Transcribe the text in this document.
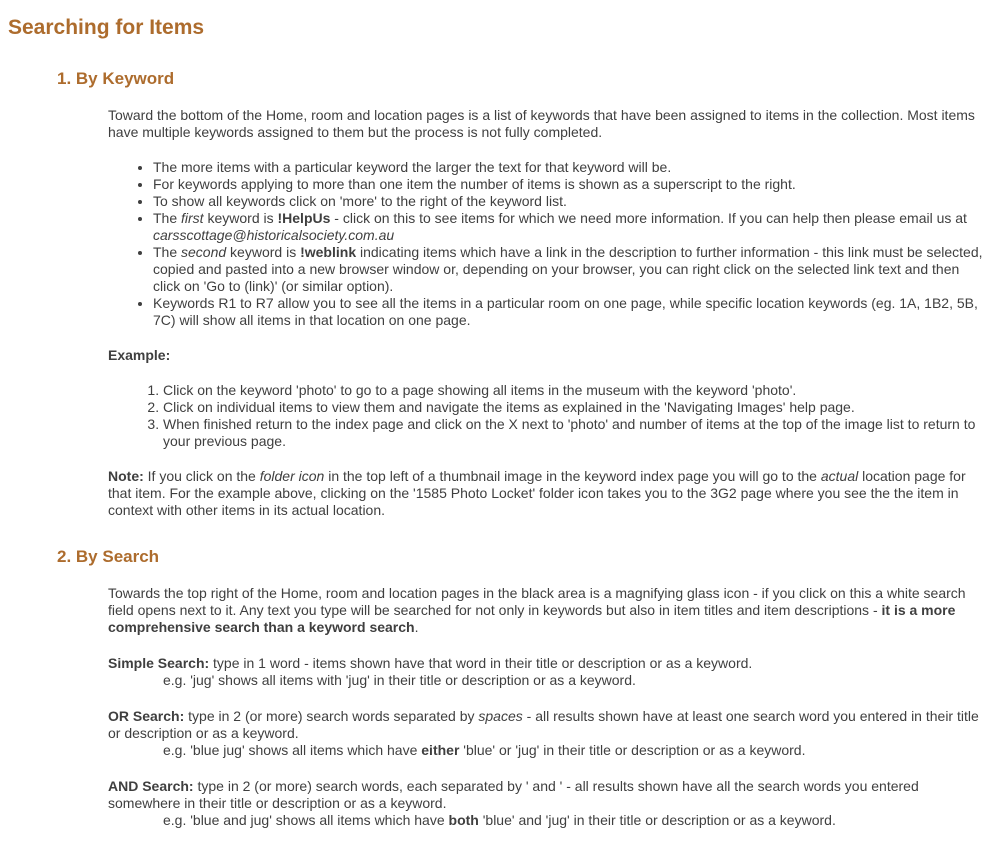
Searching for Items
1. By Keyword

Toward the bottom of the Home, room and location pages is a list of keywords that have been assigned to items in the collection. Most items have multiple keywords assigned to them but the process is not fully completed.

• The more items with a particular keyword the larger the text for that keyword will be.
• For keywords applying to more than one item the number of items is shown as a superscript to the right.
• To show all keywords click on 'more' to the right of the keyword list.
• The first keyword is !HelpUs - click on this to see items for which we need more information. If you can help then please email us at carsscottage@historicalsociety.com.au
• The second keyword is !weblink indicating items which have a link in the description to further information - this link must be selected, copied and pasted into a new browser window or, depending on your browser, you can right click on the selected link text and then click on 'Go to (link)' (or similar option).
• Keywords R1 to R7 allow you to see all the items in a particular room on one page, while specific location keywords (eg. 1A, 1B2, 5B, 7C) will show all items in that location on one page.

Example:

1. Click on the keyword 'photo' to go to a page showing all items in the museum with the keyword 'photo'.
2. Click on individual items to view them and navigate the items as explained in the 'Navigating Images' help page.
3. When finished return to the index page and click on the X next to 'photo' and number of items at the top of the image list to return to your previous page.

Note: If you click on the folder icon in the top left of a thumbnail image in the keyword index page you will go to the actual location page for that item. For the example above, clicking on the '1585 Photo Locket' folder icon takes you to the 3G2 page where you see the the item in context with other items in its actual location.

2. By Search

Towards the top right of the Home, room and location pages in the black area is a magnifying glass icon - if you click on this a white search field opens next to it. Any text you type will be searched for not only in keywords but also in item titles and item descriptions - it is a more comprehensive search than a keyword search.

Simple Search: type in 1 word - items shown have that word in their title or description or as a keyword.

e.g. 'jug' shows all items with 'jug' in their title or description or as a keyword.

OR Search: type in 2 (or more) search words separated by spaces - all results shown have at least one search word you entered in their title or description or as a keyword.

e.g. 'blue jug' shows all items which have either 'blue' or 'jug' in their title or description or as a keyword.

AND Search: type in 2 (or more) search words, each separated by ' and ' - all results shown have all the search words you entered somewhere in their title or description or as a keyword.

e.g. 'blue and jug' shows all items which have both 'blue' and 'jug' in their title or description or as a keyword.
